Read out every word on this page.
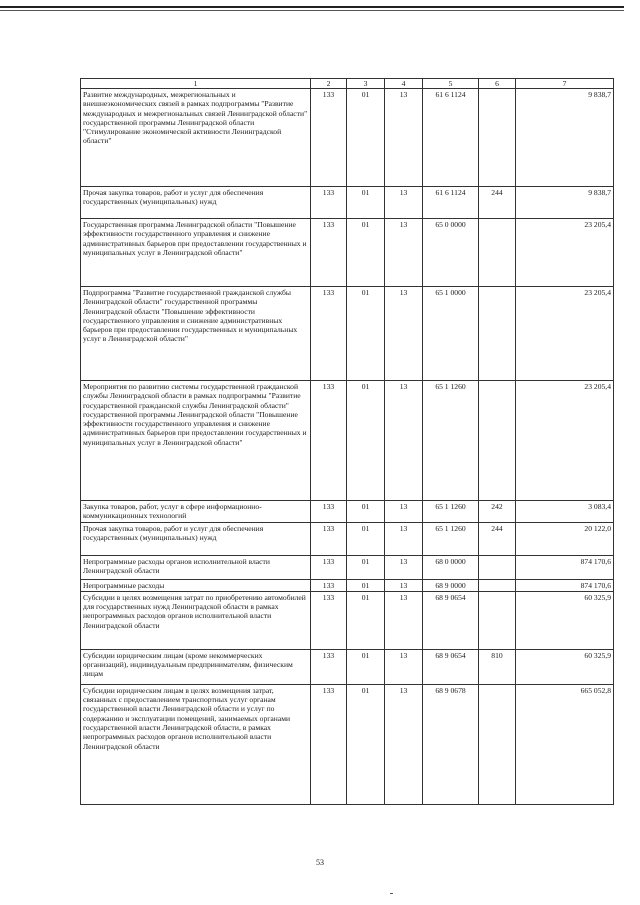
1	2	3	4	5	6	7
Развитие международных, межрегиональных и внешнеэкономических связей в рамках подпрограммы "Развитие международных и межрегиональных связей Ленинградской области" государственной программы Ленинградской области "Стимулирование экономической активности Ленинградской области"	133	01	13	61 6 1124		9 838,7
Прочая закупка товаров, работ и услуг для обеспечения государственных (муниципальных) нужд	133	01	13	61 6 1124	244	9 838,7
Государственная программа Ленинградской области "Повышение эффективности государственного управления и снижение административных барьеров при предоставлении государственных и муниципальных услуг в Ленинградской области"	133	01	13	65 0 0000		23 205,4
Подпрограмма "Развитие государственной гражданской службы Ленинградской области" государственной программы Ленинградской области "Повышение эффективности государственного управления и снижение административных барьеров при предоставлении государственных и муниципальных услуг в Ленинградской области"	133	01	13	65 1 0000		23 205,4
Мероприятия по развитию системы государственной гражданской службы Ленинградской области в рамках подпрограммы "Развитие государственной гражданской службы Ленинградской области" государственной программы Ленинградской области "Повышение эффективности государственного управления и снижение административных барьеров при предоставлении государственных и муниципальных услуг в Ленинградской области"	133	01	13	65 1 1260		23 205,4
Закупка товаров, работ, услуг в сфере информационно-коммуникационных технологий	133	01	13	65 1 1260	242	3 083,4
Прочая закупка товаров, работ и услуг для обеспечения государственных (муниципальных) нужд	133	01	13	65 1 1260	244	20 122,0
Непрограммные расходы органов исполнительной власти Ленинградской области	133	01	13	68 0 0000		874 170,6
Непрограммные расходы	133	01	13	68 9 0000		874 170,6
Субсидии в целях возмещения затрат по приобретению автомобилей для государственных нужд Ленинградской области в рамках непрограммных расходов органов исполнительной власти Ленинградской области	133	01	13	68 9 0654		60 325,9
Субсидии юридическим лицам (кроме некоммерческих организаций), индивидуальным предпринимателям, физическим лицам	133	01	13	68 9 0654	810	60 325,9
Субсидии юридическим лицам в целях возмещения затрат, связанных с предоставлением транспортных услуг органам государственной власти Ленинградской области и услуг по содержанию и эксплуатации помещений, занимаемых органами государственной власти Ленинградской области, в рамках непрограммных расходов органов исполнительной власти Ленинградской области	133	01	13	68 9 0678		665 052,8
53
